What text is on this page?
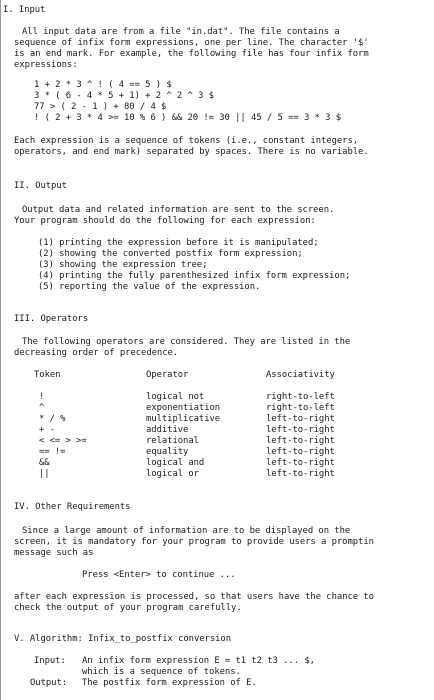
I. Input
All input data are from a file "in.dat". The file contains a
sequence of infix form expressions, one per line. The character '$'
is an end mark. For example, the following file has four infix form
expressions:
1 + 2 * 3 ^ ! ( 4 == 5 ) $
3 * ( 6 - 4 * 5 + 1) + 2 ^ 2 ^ 3 $
77 > ( 2 - 1 ) + 80 / 4 $
! ( 2 + 3 * 4 >= 10 % 6 ) && 20 != 30 || 45 / 5 == 3 * 3 $
Each expression is a sequence of tokens (i.e., constant integers,
operators, and end mark) separated by spaces. There is no variable.
II. Output
Output data and related information are sent to the screen.
Your program should do the following for each expression:
(1) printing the expression before it is manipulated;
(2) showing the converted postfix form expression;
(3) showing the expression tree;
(4) printing the fully parenthesized infix form expression;
(5) reporting the value of the expression.
III. Operators
The following operators are considered. They are listed in the
decreasing order of precedence.
Token	Operator	Associativity
!	logical not	right-to-left
^	exponentiation	right-to-left
* / %	multiplicative	left-to-right
+ -	additive	left-to-right
< <= > >=	relational	left-to-right
== !=	equality	left-to-right
&&	logical and	left-to-right
||	logical or	left-to-right
IV. Other Requirements
Since a large amount of information are to be displayed on the
screen, it is mandatory for your program to provide users a promptin
message such as
Press <Enter> to continue ...
after each expression is processed, so that users have the chance to
check the output of your program carefully.
V. Algorithm: Infix_to_postfix conversion
Input: An infix form expression E = t1 t2 t3 ... $,
which is a sequence of tokens.
Output: The postfix form expression of E.
